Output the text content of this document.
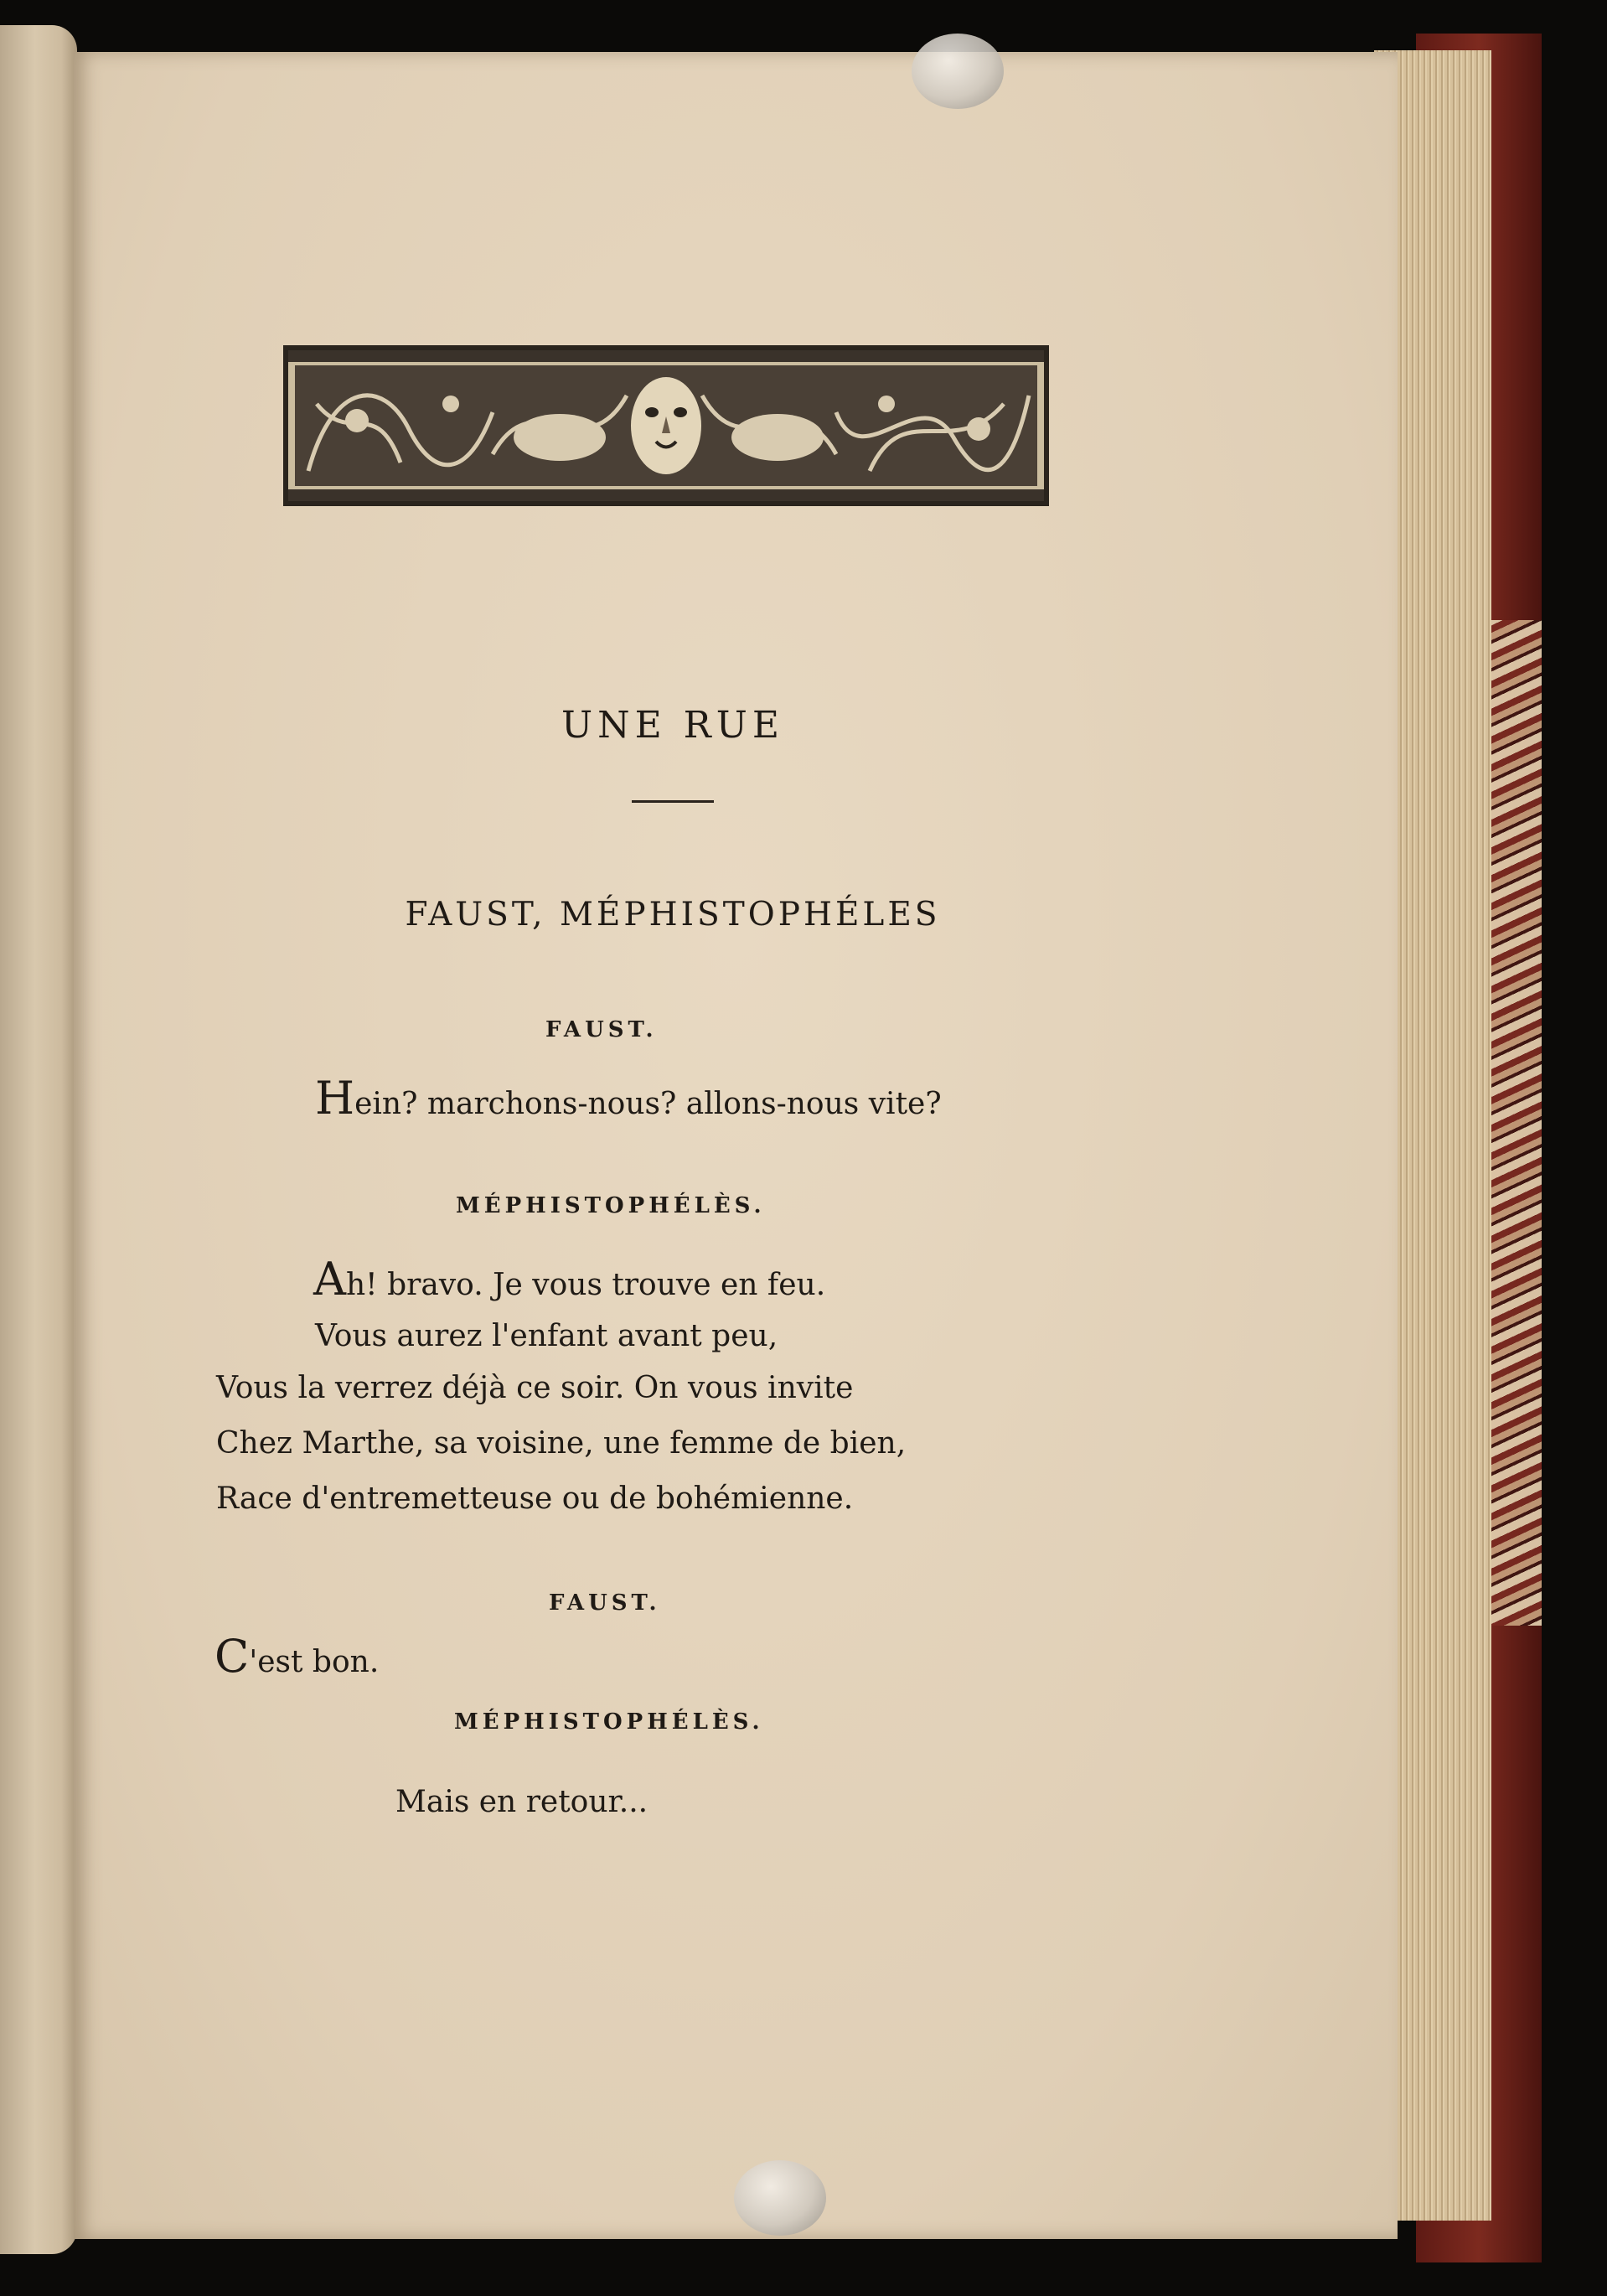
UNE RUE
FAUST, MÉPHISTOPHÉLES
FAUST.
Hein? marchons-nous? allons-nous vite?
MÉPHISTOPHÉLÈS.
Ah! bravo. Je vous trouve en feu.
Vous aurez l'enfant avant peu,
Vous la verrez déjà ce soir. On vous invite
Chez Marthe, sa voisine, une femme de bien,
Race d'entremetteuse ou de bohémienne.
FAUST.
C'est bon.
MÉPHISTOPHÉLÈS.
Mais en retour...
